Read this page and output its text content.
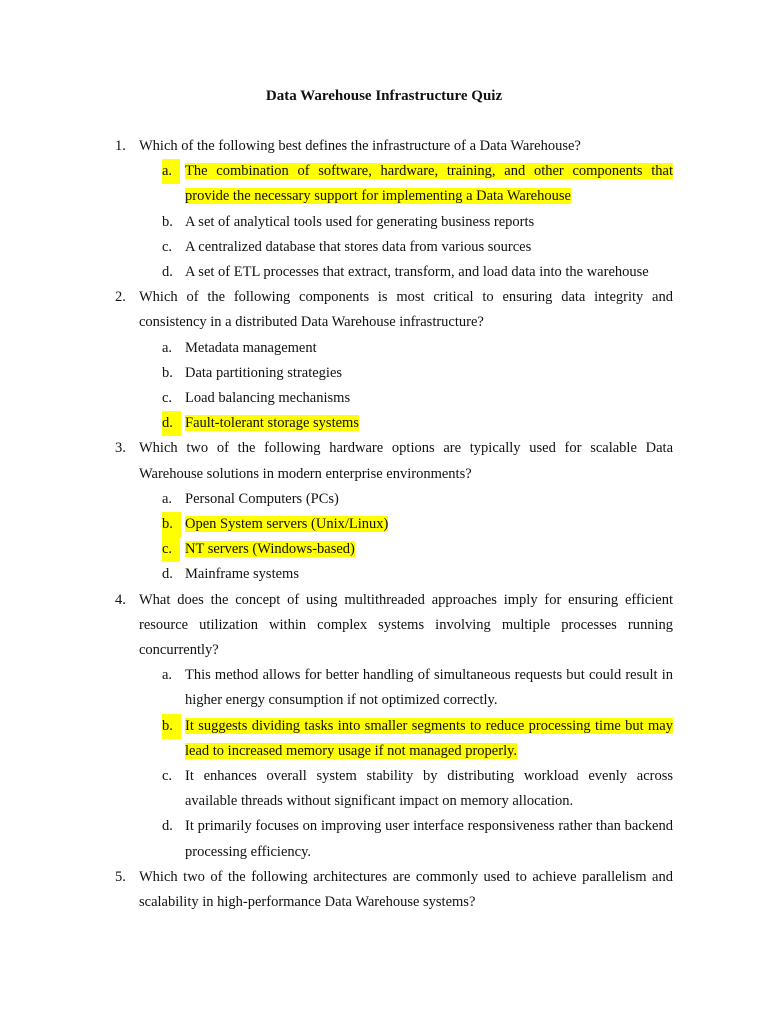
Data Warehouse Infrastructure Quiz
1. Which of the following best defines the infrastructure of a Data Warehouse?
a. The combination of software, hardware, training, and other components that provide the necessary support for implementing a Data Warehouse
b. A set of analytical tools used for generating business reports
c. A centralized database that stores data from various sources
d. A set of ETL processes that extract, transform, and load data into the warehouse
2. Which of the following components is most critical to ensuring data integrity and consistency in a distributed Data Warehouse infrastructure?
a. Metadata management
b. Data partitioning strategies
c. Load balancing mechanisms
d. Fault-tolerant storage systems
3. Which two of the following hardware options are typically used for scalable Data Warehouse solutions in modern enterprise environments?
a. Personal Computers (PCs)
b. Open System servers (Unix/Linux)
c. NT servers (Windows-based)
d. Mainframe systems
4. What does the concept of using multithreaded approaches imply for ensuring efficient resource utilization within complex systems involving multiple processes running concurrently?
a. This method allows for better handling of simultaneous requests but could result in higher energy consumption if not optimized correctly.
b. It suggests dividing tasks into smaller segments to reduce processing time but may lead to increased memory usage if not managed properly.
c. It enhances overall system stability by distributing workload evenly across available threads without significant impact on memory allocation.
d. It primarily focuses on improving user interface responsiveness rather than backend processing efficiency.
5. Which two of the following architectures are commonly used to achieve parallelism and scalability in high-performance Data Warehouse systems?
